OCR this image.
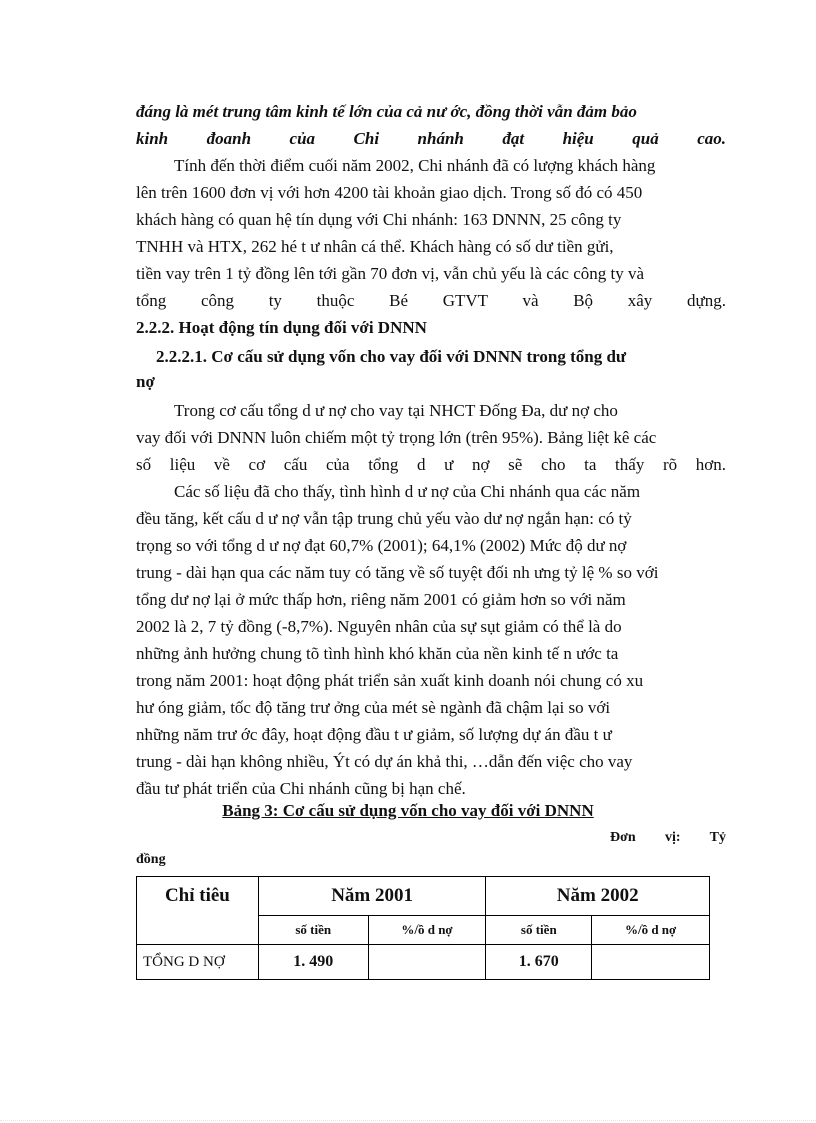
đáng là mét trung tâm kinh tế lớn của cả nư ớc, đồng thời vẫn đảm bảo
kinh đoanh của Chi nhánh đạt hiệu quả cao.
Tính đến thời điểm cuối năm 2002, Chi nhánh đã có lượng khách hàng
lên trên 1600 đơn vị với hơn 4200 tài khoản giao dịch. Trong số đó có 450
khách hàng có quan hệ tín dụng với Chi nhánh: 163 DNNN, 25 công ty
TNHH và HTX, 262 hé t ư nhân cá thể. Khách hàng có số dư tiền gửi,
tiền vay trên 1 tỷ đồng lên tới gần 70 đơn vị, vẫn chủ yếu là các công ty và
tổng công ty thuộc Bé GTVT và Bộ xây dựng.
2.2.2. Hoạt động tín dụng đối với DNNN
2.2.2.1. Cơ cấu sử dụng vốn cho vay đối với DNNN trong tổng dư
nợ
Trong cơ cấu tổng d ư nợ cho vay tại NHCT Đống Đa, dư nợ cho
vay đối với DNNN luôn chiếm một tỷ trọng lớn (trên 95%). Bảng liệt kê các
số liệu về cơ cấu của tổng d ư nợ sẽ cho ta thấy rõ hơn.
Các số liệu đã cho thấy, tình hình d ư nợ của Chi nhánh qua các năm
đều tăng, kết cấu d ư nợ vẫn tập trung chủ yếu vào dư nợ ngắn hạn: có tỷ
trọng so với tổng d ư nợ đạt 60,7% (2001); 64,1% (2002) Mức độ dư nợ
trung - dài hạn qua các năm tuy có tăng về số tuyệt đối nh ưng tỷ lệ % so với
tổng dư nợ lại ở mức thấp hơn, riêng năm 2001 có giảm hơn so với năm
2002 là 2, 7 tỷ đồng (-8,7%). Nguyên nhân của sự sụt giảm có thể là do
những ảnh hưởng chung tõ tình hình khó khăn của nền kinh tế n ước ta
trong năm 2001: hoạt động phát triển sản xuất kinh doanh nói chung có xu
hư óng giảm, tốc độ tăng trư ởng của mét sè ngành đã chậm lại so với
những năm trư ớc đây, hoạt động đầu t ư giảm, số lượng dự án đầu t ư
trung - dài hạn không nhiều, Ýt có dự án khả thi, …dẫn đến việc cho vay
đầu tư phát triển của Chi nhánh cũng bị hạn chế.
Bảng 3: Cơ cấu sử dụng vốn cho vay đối với DNNN
Đơn vị: Tỷ
đồng
Chỉ tiêu	Năm 2001		Năm 2002	
	số tiền	%/ồ d nợ	số tiền	%/ồ d nợ
TỔNG D NỢ	1. 490		1. 670	
